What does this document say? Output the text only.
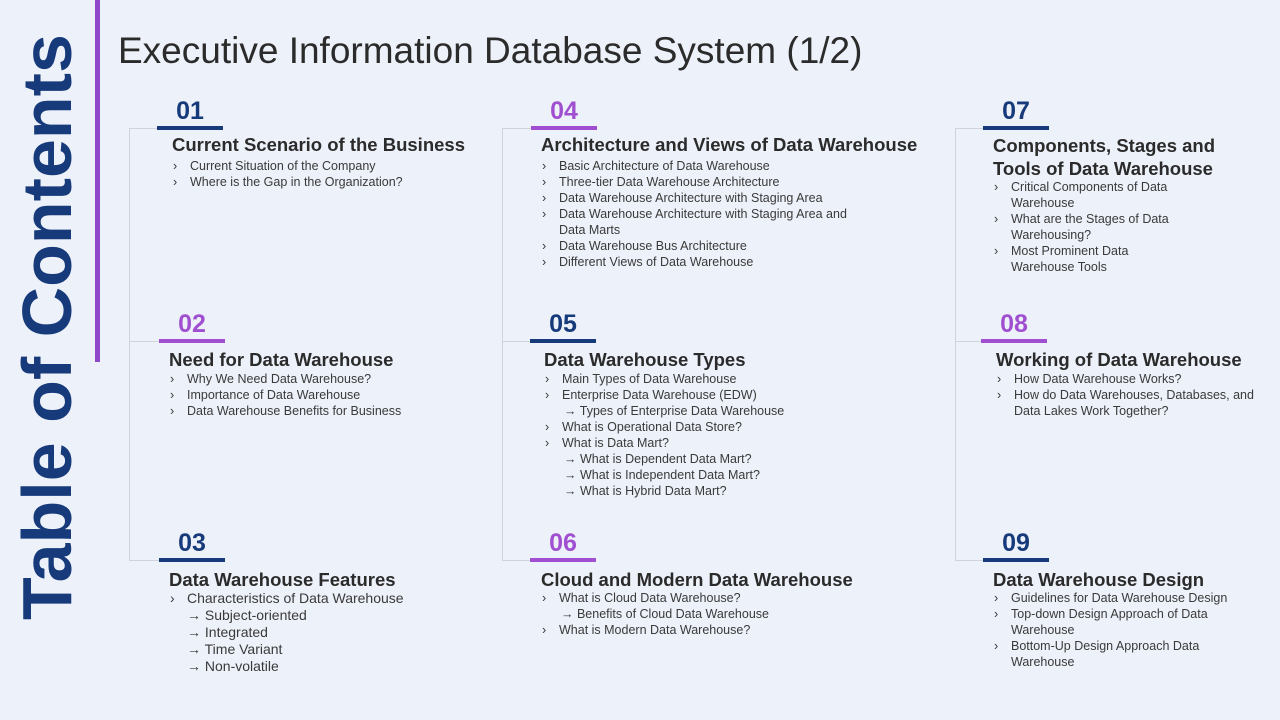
Table of Contents Executive Information Database System (1/2)
01
Current Scenario of the Business
› Current Situation of the Company
› Where is the Gap in the Organization?
02
Need for Data Warehouse
› Why We Need Data Warehouse?
› Importance of Data Warehouse
› Data Warehouse Benefits for Business
03
Data Warehouse Features
› Characteristics of Data Warehouse
→ Subject-oriented
→ Integrated
→ Time Variant
→ Non-volatile
04
Architecture and Views of Data Warehouse
› Basic Architecture of Data Warehouse
› Three-tier Data Warehouse Architecture
› Data Warehouse Architecture with Staging Area
› Data Warehouse Architecture with Staging Area and Data Marts
› Data Warehouse Bus Architecture
› Different Views of Data Warehouse
05
Data Warehouse Types
› Main Types of Data Warehouse
› Enterprise Data Warehouse (EDW)
→ Types of Enterprise Data Warehouse
› What is Operational Data Store?
› What is Data Mart?
→ What is Dependent Data Mart?
→ What is Independent Data Mart?
→ What is Hybrid Data Mart?
06
Cloud and Modern Data Warehouse
› What is Cloud Data Warehouse?
→ Benefits of Cloud Data Warehouse
› What is Modern Data Warehouse?
07
Components, Stages and Tools of Data Warehouse
› Critical Components of Data Warehouse
› What are the Stages of Data Warehousing?
› Most Prominent Data Warehouse Tools
08
Working of Data Warehouse
› How Data Warehouse Works?
› How do Data Warehouses, Databases, and Data Lakes Work Together?
09
Data Warehouse Design
› Guidelines for Data Warehouse Design
› Top-down Design Approach of Data Warehouse
› Bottom-Up Design Approach Data Warehouse
